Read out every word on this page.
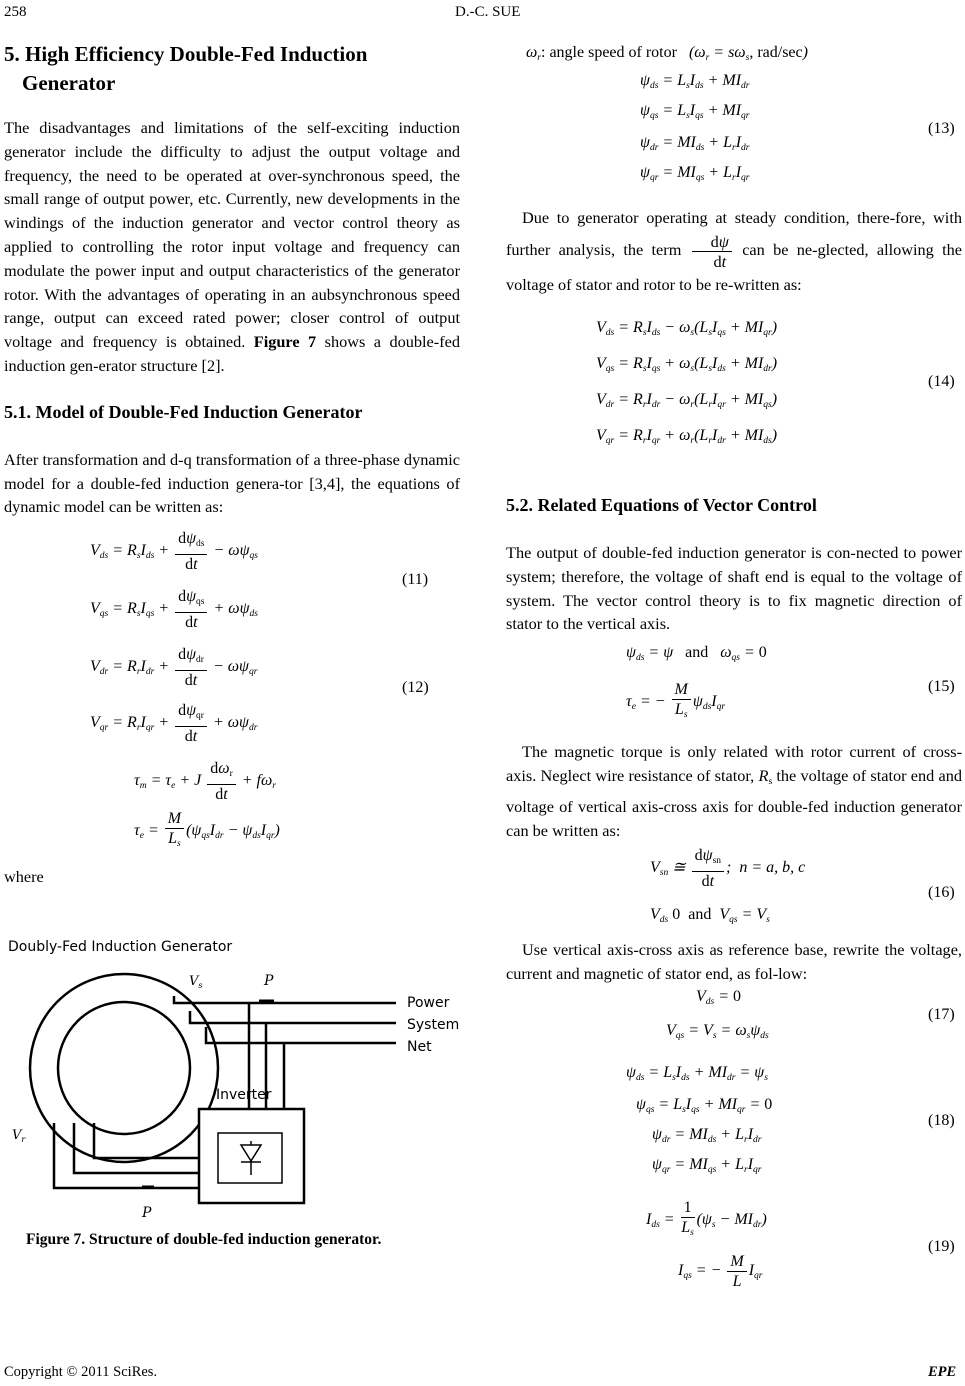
258	D.-C. SUE
5. High Efficiency Double-Fed Induction
Generator

The disadvantages and limitations of the self-exciting induction generator include the difficulty to adjust the output voltage and frequency, the need to be operated at over-synchronous speed, the small range of output power, etc. Currently, new developments in the windings of the induction generator and vector control theory as applied to controlling the rotor input voltage and frequency can modulate the power input and output characteristics of the generator rotor. With the advantages of operating in an aubsynchronous speed range, output can exceed rated power; closer control of output voltage and frequency is obtained. Figure 7 shows a double-fed induction gen-erator structure [2].

5.1. Model of Double-Fed Induction Generator

After transformation and d-q transformation of a three-phase dynamic model for a double-fed induction genera-tor [3,4], the equations of dynamic model can be written as:

$V_{ds} = R_sI_{ds} + \frac{d\psi_{ds}}{dt} - \omega\psi_{qs}$
$V_{qs} = R_sI_{qs} + \frac{d\psi_{qs}}{dt} + \omega\psi_{ds}$
(11)
$V_{dr} = R_rI_{dr} + \frac{d\psi_{dr}}{dt} - \omega\psi_{qr}$
$V_{qr} = R_rI_{qr} + \frac{d\psi_{qr}}{dt} + \omega\psi_{dr}$
(12)
$\tau_m = \tau_e + J \frac{d\omega_r}{dt} + f\omega_r$
$\tau_e = \frac{M}{L_s} (\psi_{qs}I_{dr} - \psi_{ds}I_{qr})$

where

Doubly-Fed Induction Generator
Inverter
$V_s$	P
Power
System
Net
$V_r$
P
Figure 7. Structure of double-fed induction generator.
$\omega_r$: angle speed of rotor   ($\omega_r = s\omega_s$, rad/sec)
$\psi_{ds} = L_sI_{ds} + MI_{dr}$
$\psi_{qs} = L_sI_{qs} + MI_{qr}$
$\psi_{dr} = MI_{ds} + L_rI_{dr}$
$\psi_{qr} = MI_{qs} + L_rI_{qr}$
(13)

Due to generator operating at steady condition, there-fore, with further analysis, the term $\frac{d\psi}{dt}$ can be ne-glected, allowing the voltage of stator and rotor to be re-written as:

$V_{ds} = R_sI_{ds} - \omega_s(L_sI_{qs} + MI_{qr})$
$V_{qs} = R_sI_{qs} + \omega_s(L_sI_{ds} + MI_{dr})$
$V_{dr} = R_rI_{dr} - \omega_r(L_rI_{qr} + MI_{qs})$
$V_{qr} = R_rI_{qr} + \omega_r(L_rI_{dr} + MI_{ds})$
(14)
5.2. Related Equations of Vector Control

The output of double-fed induction generator is con-nected to power system; therefore, the voltage of shaft end is equal to the voltage of system. The vector control theory is to fix magnetic direction of stator to the vertical axis.

$\psi_{ds} = \psi$ and $\omega_{qs} = 0$
$\tau_e$ = − $\frac{M}{L_s} \psi_{ds}I_{qr}$
(15)

The magnetic torque is only related with rotor current of cross-axis. Neglect wire resistance of stator, $R_s$ the voltage of stator end and voltage of vertical axis-cross axis for double-fed induction generator can be written as:

$V_{sn}$ ≅ $\frac{d\psi_{sn}}{dt}$ ;  n = a, b, c
$V_{ds}$ 0 and $V_{qs} = V_s$
(16)

Use vertical axis-cross axis as reference base, rewrite the voltage, current and magnetic of stator end, as fol-low:

$V_{ds} = 0$
$V_{qs} = V_s = \omega_s\psi_{ds}$
(17)
$\psi_{ds} = L_sI_{ds} + MI_{dr} = \psi_s$
$\psi_{qs} = L_sI_{qs} + MI_{qr} = 0$
$\psi_{dr} = MI_{ds} + L_rI_{dr}$
$\psi_{qr} = MI_{qs} + L_rI_{qr}$
(18)
$I_{ds} = \frac{1}{L_s} (\psi_s - MI_{dr})$
$I_{qs}$ = − $\frac{M}{L} I_{qr}$
(19)
Copyright © 2011 SciRes.	EPE
